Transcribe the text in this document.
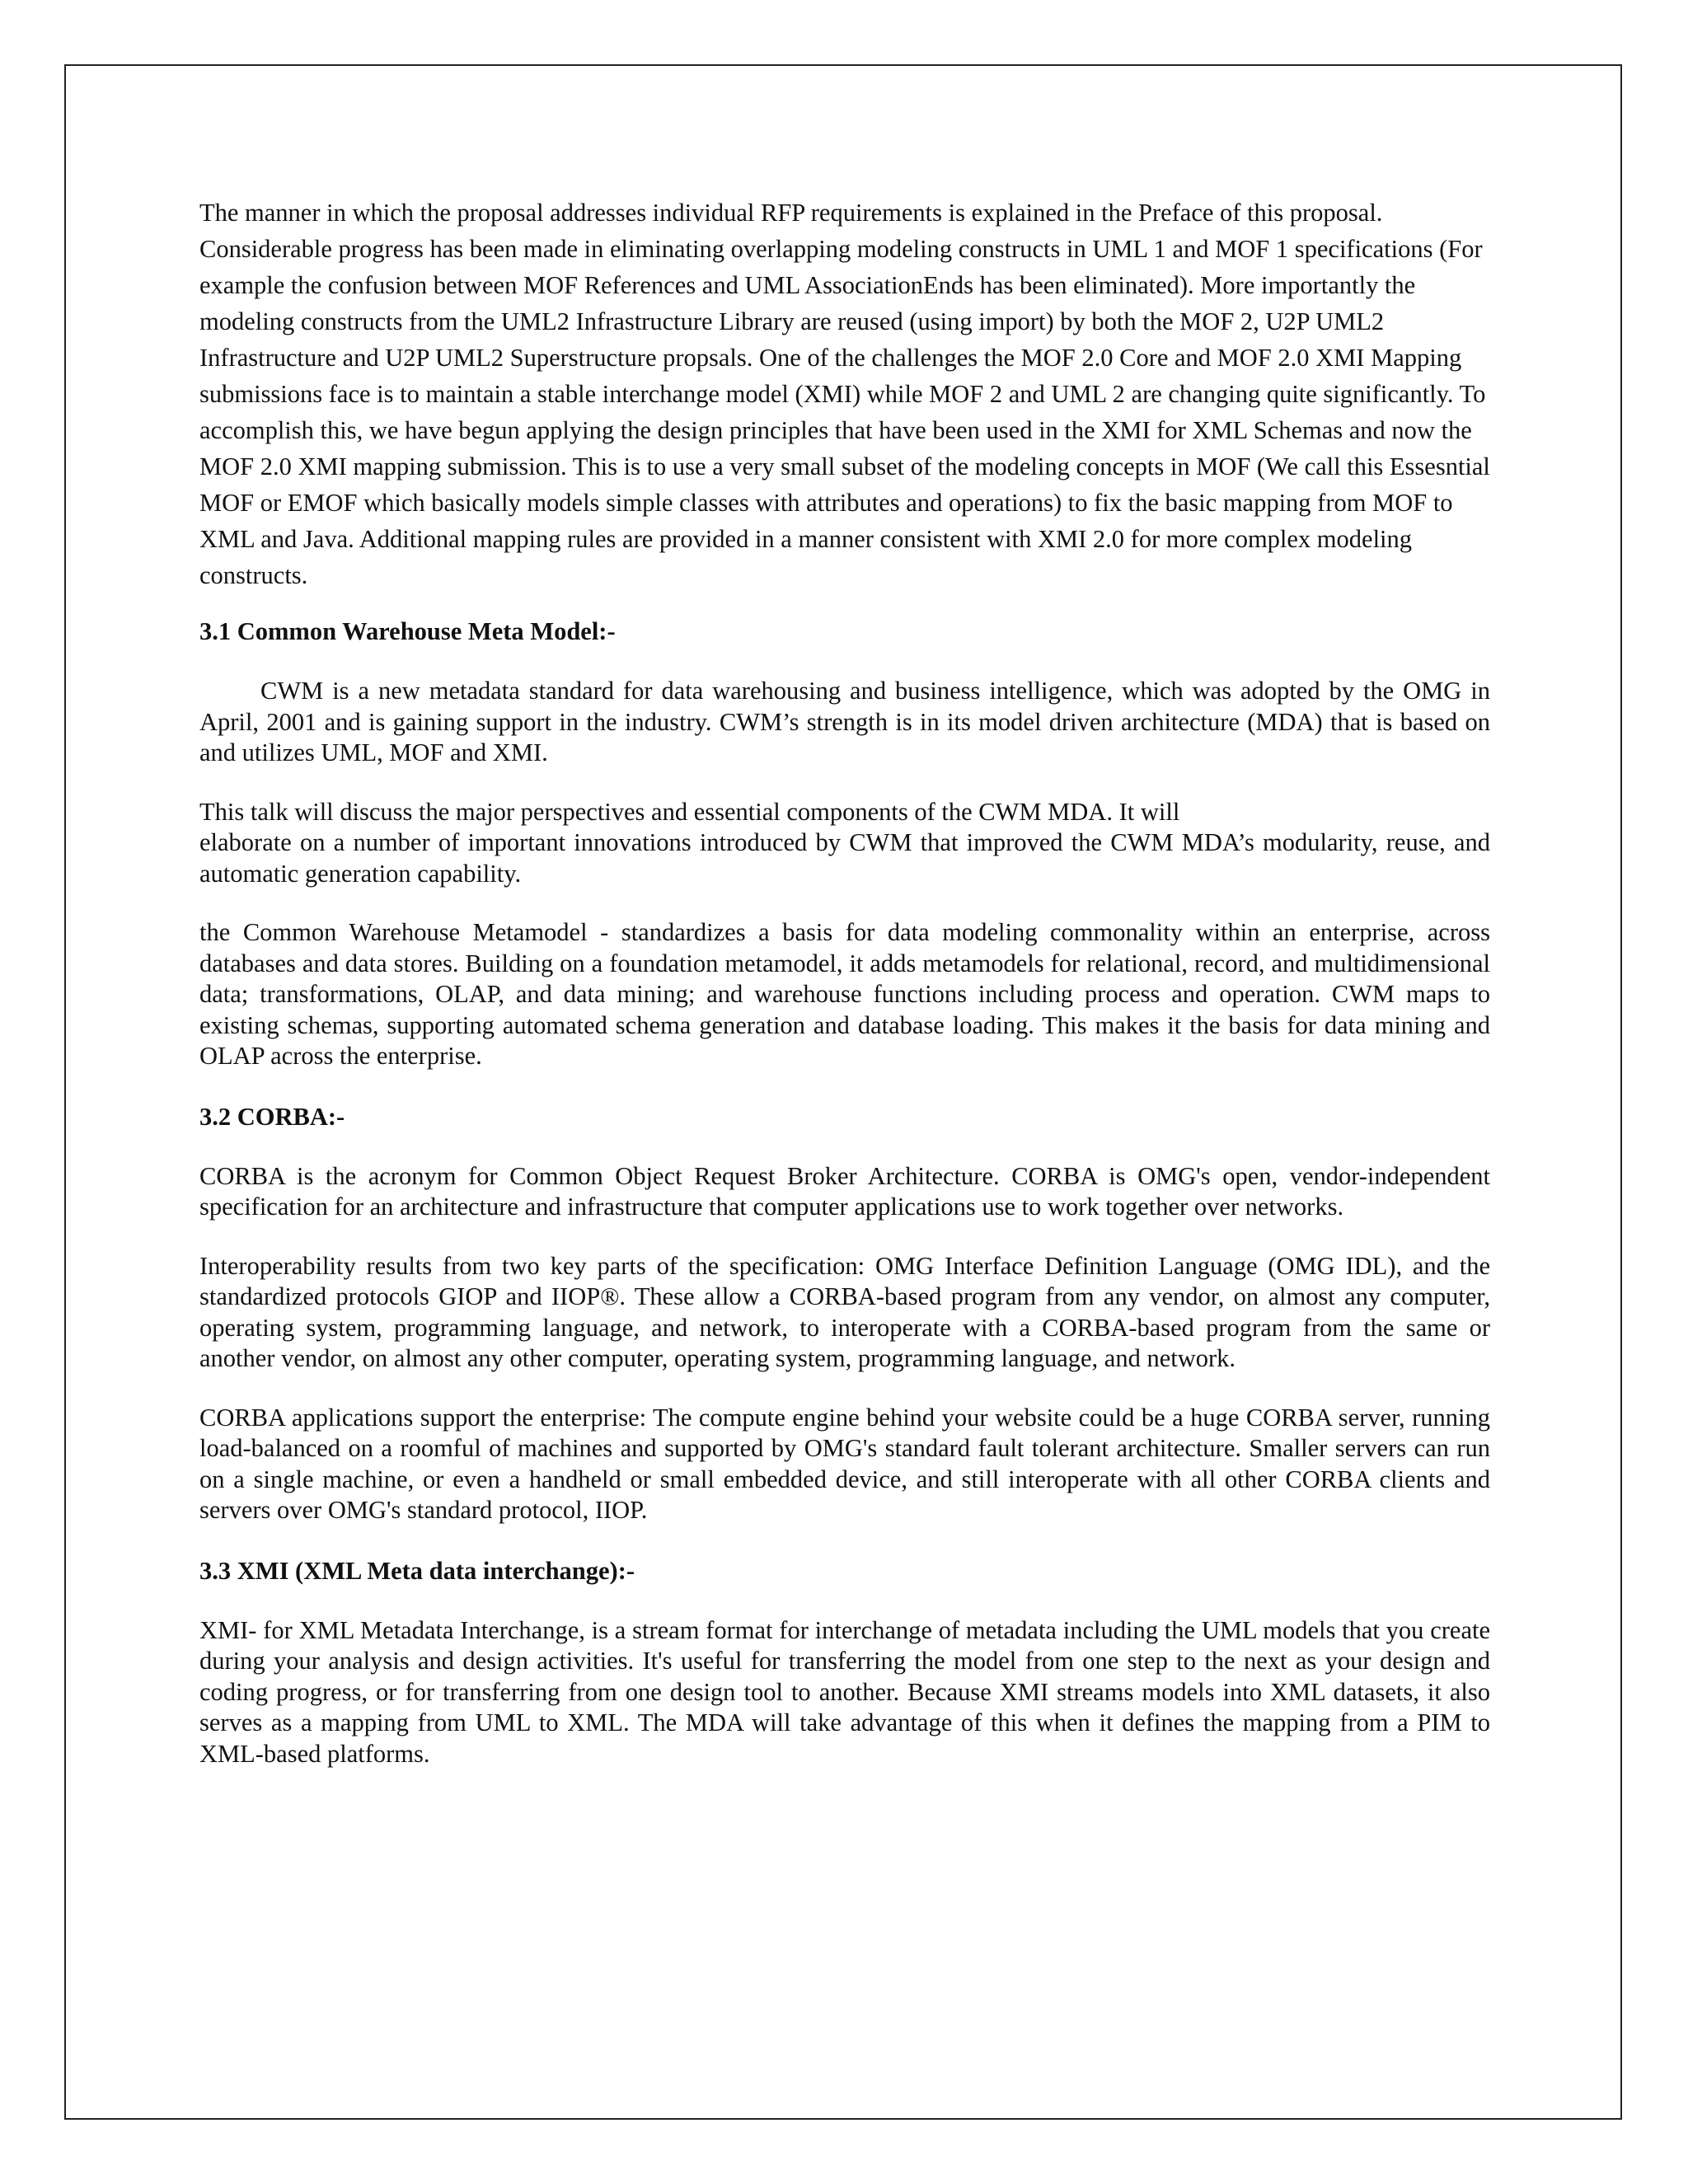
The manner in which the proposal addresses individual RFP requirements is explained in the Preface of this proposal. Considerable progress has been made in eliminating overlapping modeling constructs in UML 1 and MOF 1 specifications (For example the confusion between MOF References and UML AssociationEnds has been eliminated). More importantly the modeling constructs from the UML2 Infrastructure Library are reused (using import) by both the MOF 2, U2P UML2 Infrastructure and U2P UML2 Superstructure propsals. One of the challenges the MOF 2.0 Core and MOF 2.0 XMI Mapping submissions face is to maintain a stable interchange model (XMI) while MOF 2 and UML 2 are changing quite significantly. To accomplish this, we have begun applying the design principles that have been used in the XMI for XML Schemas and now the MOF 2.0 XMI mapping submission. This is to use a very small subset of the modeling concepts in MOF (We call this Essesntial MOF or EMOF which basically models simple classes with attributes and operations) to fix the basic mapping from MOF to XML and Java. Additional mapping rules are provided in a manner consistent with XMI 2.0 for more complex modeling constructs.

3.1 Common Warehouse Meta Model:-

CWM is a new metadata standard for data warehousing and business intelligence, which was adopted by the OMG in April, 2001 and is gaining support in the industry. CWM’s strength is in its model driven architecture (MDA) that is based on and utilizes UML, MOF and XMI.

This talk will discuss the major perspectives and essential components of the CWM MDA. It will
elaborate on a number of important innovations introduced by CWM that improved the CWM MDA’s modularity, reuse, and automatic generation capability.

the Common Warehouse Metamodel - standardizes a basis for data modeling commonality within an enterprise, across databases and data stores. Building on a foundation metamodel, it adds metamodels for relational, record, and multidimensional data; transformations, OLAP, and data mining; and warehouse functions including process and operation. CWM maps to existing schemas, supporting automated schema generation and database loading. This makes it the basis for data mining and OLAP across the enterprise.

3.2 CORBA:-

CORBA is the acronym for Common Object Request Broker Architecture. CORBA is OMG's open, vendor-independent specification for an architecture and infrastructure that computer applications use to work together over networks.

Interoperability results from two key parts of the specification: OMG Interface Definition Language (OMG IDL), and the standardized protocols GIOP and IIOP®. These allow a CORBA-based program from any vendor, on almost any computer, operating system, programming language, and network, to interoperate with a CORBA-based program from the same or another vendor, on almost any other computer, operating system, programming language, and network.

CORBA applications support the enterprise: The compute engine behind your website could be a huge CORBA server, running load-balanced on a roomful of machines and supported by OMG's standard fault tolerant architecture. Smaller servers can run on a single machine, or even a handheld or small embedded device, and still interoperate with all other CORBA clients and servers over OMG's standard protocol, IIOP.

3.3 XMI (XML Meta data interchange):-

XMI- for XML Metadata Interchange, is a stream format for interchange of metadata including the UML models that you create during your analysis and design activities. It's useful for transferring the model from one step to the next as your design and coding progress, or for transferring from one design tool to another. Because XMI streams models into XML datasets, it also serves as a mapping from UML to XML. The MDA will take advantage of this when it defines the mapping from a PIM to XML-based platforms.
